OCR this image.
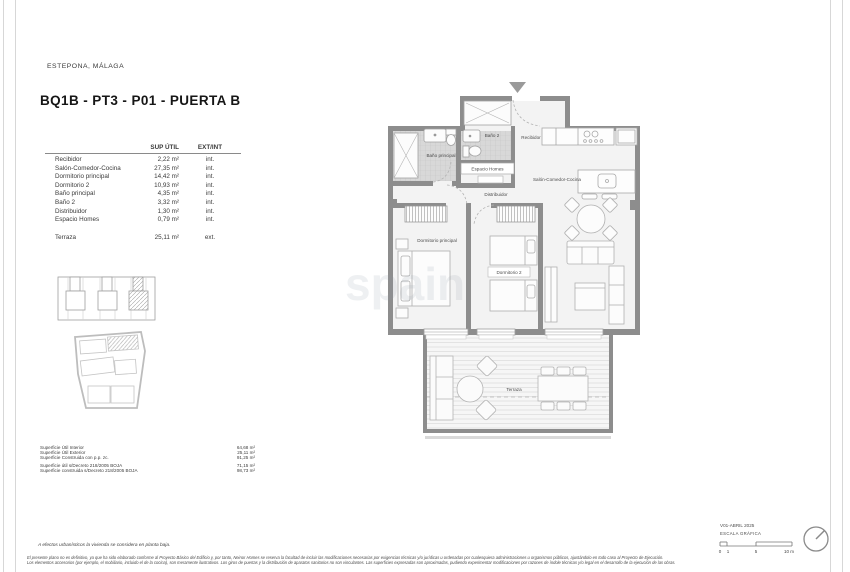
spain
Baño principal
Baño 2	Recibidor
Espacio Homes
Salón-Comedor-Cocina
Distribuidor
Dormitorio principal
Dormitorio 2
Terraza
0 1	5	10 m
ESTEPONA, MÁLAGA
BQ1B - PT3 - P01 - PUERTA B
SUP ÚTIL	EXT/INT
Recibidor	2,22 m²	int.
Salón-Comedor-Cocina	27,35 m²	int.
Dormitorio principal	14,42 m²	int.
Dormitorio 2	10,93 m²	int.
Baño principal	4,35 m²	int.
Baño 2	3,32 m²	int.
Distribuidor	1,30 m²	int.
Espacio Homes	0,79 m²	int.
Terraza	25,11 m²	ext.
Superficie Útil Interior	64,68 m²
Superficie Útil Exterior	25,11 m²
Superficie Construida con p.p. zc.	91,25 m²
Superficie útil s/Decreto 218/2005 BOJA	71,15 m²
Superficie construida s/Decreto 218/2005 BOJA	98,73 m²
V01-ABRIL 2025
ESCALA GRÁFICA
A efectos urbanísticos la vivienda se considera en planta baja.
El presente plano no es definitivo, ya que ha sido elaborado conforme al Proyecto Básico del Edificio y, por tanto, Neinor Homes se reserva la facultad de incluir las modificaciones necesarias por exigencias técnicas y/o jurídicas u ordenadas por cualesquiera administraciones u organismos públicos, ajustándolo en todo caso al Proyecto de Ejecución.
Los elementos accesorios (por ejemplo, el mobiliario, incluido el de la cocina), son meramente ilustrativos. Los giros de puertas y la distribución de aparatos sanitarios no son vinculantes. Las superficies expresadas son aproximadas, pudiendo experimentar modificaciones por razones de índole técnicas y/o legal en el desarrollo de la ejecución de las obras.
